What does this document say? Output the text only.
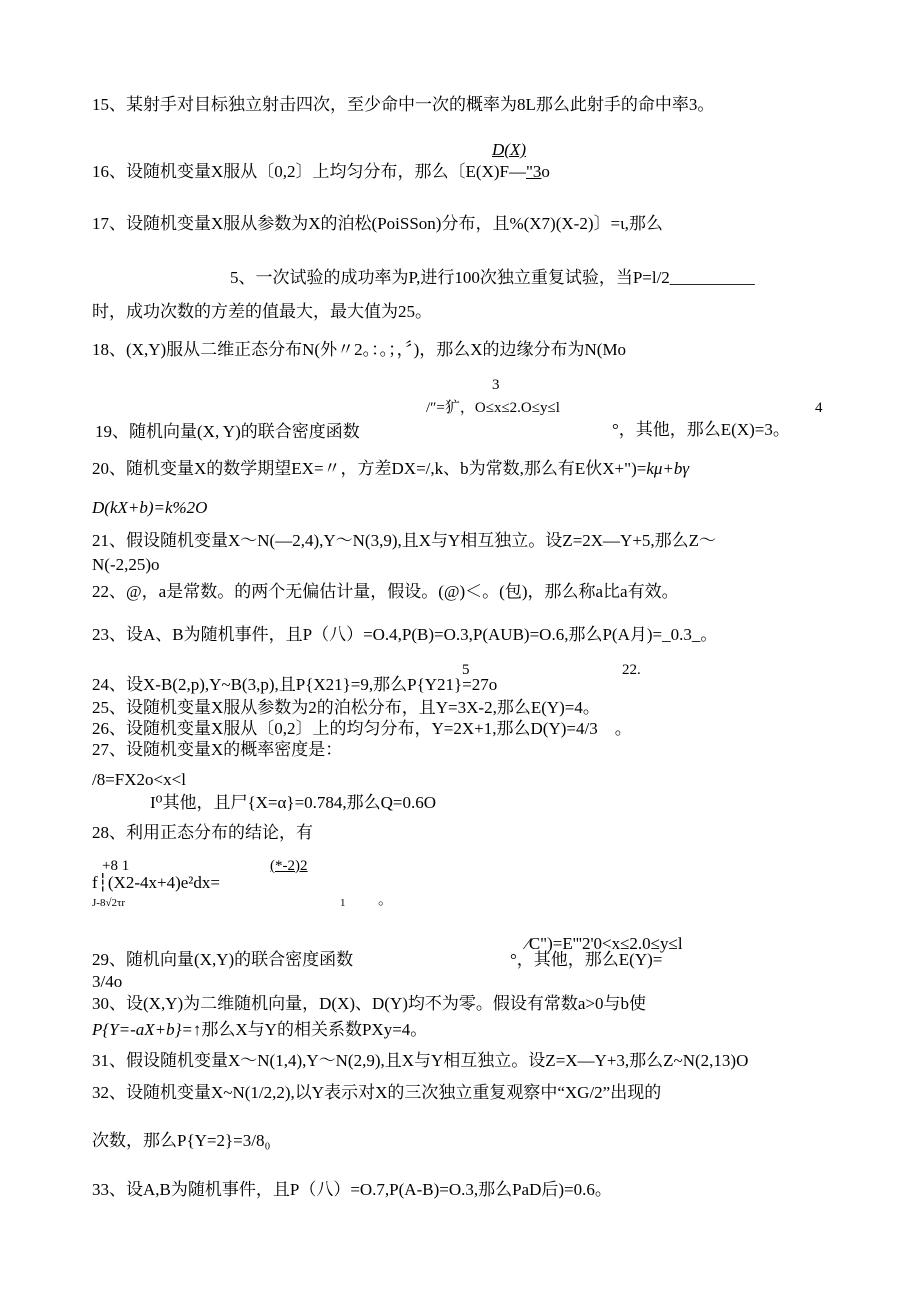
15、某射手对目标独立射击四次，至少命中一次的概率为8L那么此射手的命中率3。
D(X)
16、设随机变量X服从〔0,2〕上均匀分布，那么〔E(X)F—"3o
17、设随机变量X服从参数为X的泊松(PoiSSon)分布，且%(X7)(X-2)〕=ι,那么
5、一次试验的成功率为P,进行100次独立重复试验，当P=l/2__________
时，成功次数的方差的值最大，最大值为25。
18、(X,Y)服从二维正态分布N(外〃2。：。；，〞)，那么X的边缘分布为N(Mo
3
/″=犷，O≤x≤2.O≤y≤l	4
19、随机向量(X, Y)的联合密度函数	°，其他，那么E(X)=3。
20、随机变量X的数学期望EX=〃，方差DX=/,k、b为常数,那么有E伙X+")=kμ+bγ
D(kX+b)=k%2O
21、假设随机变量X～N(—2,4),Y～N(3,9),且X与Y相互独立。设Z=2X—Y+5,那么Z～
N(-2,25)o
22、@，a是常数。的两个无偏估计量，假设。(@)＜。(包)，那么称a比a有效。
23、设A、B为随机事件，且P（八）=O.4,P(B)=O.3,P(AUB)=O.6,那么P(A月)=_0.3_。
5	22.
24、设X-B(2,p),Y~B(3,p),且P{X21}=9,那么P{Y21}=27o
25、设随机变量X服从参数为2的泊松分布，且Y=3X-2,那么E(Y)=4。
26、设随机变量X服从〔0,2〕上的均匀分布，Y=2X+1,那么D(Y)=4/3　。
27、设随机变量X的概率密度是：
/8=FX2o<x<l
I⁰其他，且尸{X=α}=0.784,那么Q=0.6O
28、利用正态分布的结论，有
+8 1	(*-2)2
f┆(X2-4x+4)e²dx=
J-8√2τr	1 。
⁄C")=E'''2'0<x≤2.0≤y≤l
29、随机向量(X,Y)的联合密度函数	°，其他，那么E(Y)=
3/4o
30、设(X,Y)为二维随机向量，D(X)、D(Y)均不为零。假设有常数a>0与b使
P{Y=-aX+b}=↑那么X与Y的相关系数PXy=4。
31、假设随机变量X～N(1,4),Y～N(2,9),且X与Y相互独立。设Z=X—Y+3,那么Z~N(2,13)O
32、设随机变量X~N(1/2,2),以Y表示对X的三次独立重复观察中“XG/2”出现的
次数，那么P{Y=2}=3/8₀
33、设A,B为随机事件，且P（八）=O.7,P(A-B)=O.3,那么PaD后)=0.6。
